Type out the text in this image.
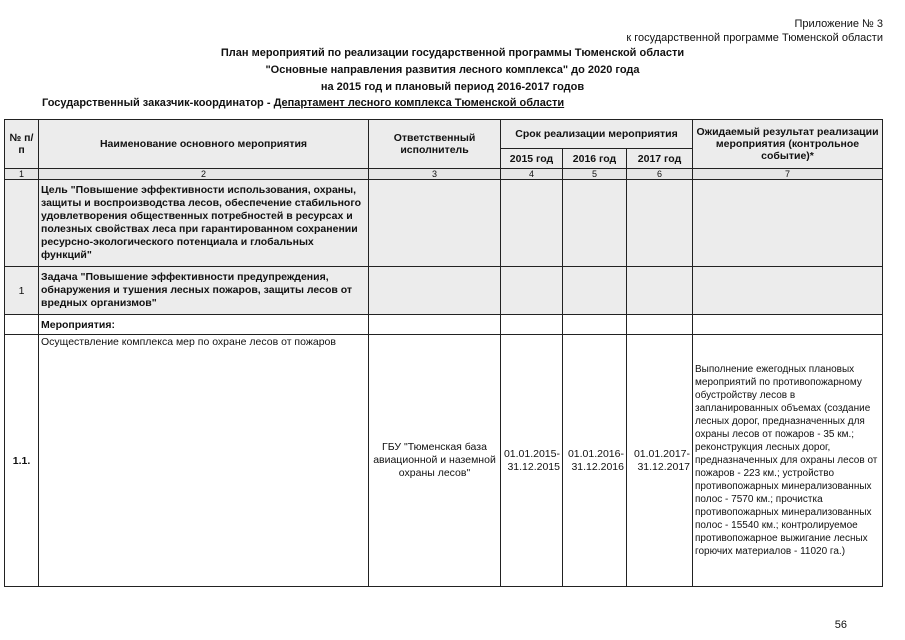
Приложение № 3
к государственной программе Тюменской области
План мероприятий по реализации государственной программы Тюменской области
"Основные направления развития лесного комплекса" до 2020 года
на 2015 год и плановый период 2016-2017 годов
Государственный заказчик-координатор - Департамент лесного комплекса Тюменской области
№ п/п	Наименование основного мероприятия	Ответственный исполнитель	Срок реализации мероприятия			Ожидаемый результат реализации мероприятия (контрольное событие)*
			2015 год	2016 год	2017 год	
1	2	3	4	5	6	7
	Цель "Повышение эффективности использования, охраны, защиты и воспроизводства лесов, обеспечение стабильного удовлетворения общественных потребностей в ресурсах и полезных свойствах леса при гарантированном сохранении ресурсно-экологического потенциала и глобальных функций"					
1	Задача "Повышение эффективности предупреждения, обнаружения и тушения лесных пожаров, защиты лесов от вредных организмов"					
	Мероприятия:					
1.1.	Осуществление комплекса мер по охране лесов от пожаров	ГБУ "Тюменская база авиационной и наземной охраны лесов"	01.01.2015-31.12.2015	01.01.2016-31.12.2016	01.01.2017-31.12.2017	Выполнение ежегодных плановых мероприятий по противопожарному обустройству лесов в запланированных объемах (создание лесных дорог, предназначенных для охраны лесов от пожаров - 35 км.; реконструкция лесных дорог, предназначенных для охраны лесов от пожаров - 223 км.; устройство противопожарных минерализованных полос - 7570 км.; прочистка противопожарных минерализованных полос - 15540 км.; контролируемое противопожарное выжигание лесных горючих материалов - 11020 га.)
56
